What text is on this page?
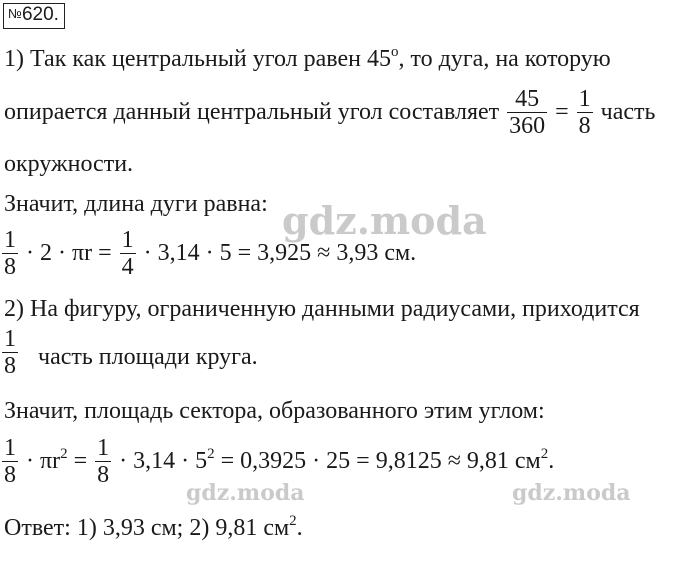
№620.
1) Так как центральный угол равен 45$^o$, то дуга, на которую
опирается данный центральный угол составляет $\frac{45}{360} = \frac{1}{8}$ часть
окружности.
Значит, длина дуги равна:
$\frac{1}{8} \cdot 2 \cdot \pi r = \frac{1}{4} \cdot 3,14 \cdot 5 = 3,925 \approx 3,93$ см.
2) На фигуру, ограниченную данными радиусами, приходится
$\frac{1}{8}$ часть площади круга.
Значит, площадь сектора, образованного этим углом:
$\frac{1}{8} \cdot \pi r^2 = \frac{1}{8} \cdot 3,14 \cdot 5^2 = 0,3925 \cdot 25 = 9,8125 \approx 9,81$ $см^2$.
Ответ: 1) 3,93 см; 2) 9,81 $см^2$.
gdz.moda
gdz.moda	gdz.moda
